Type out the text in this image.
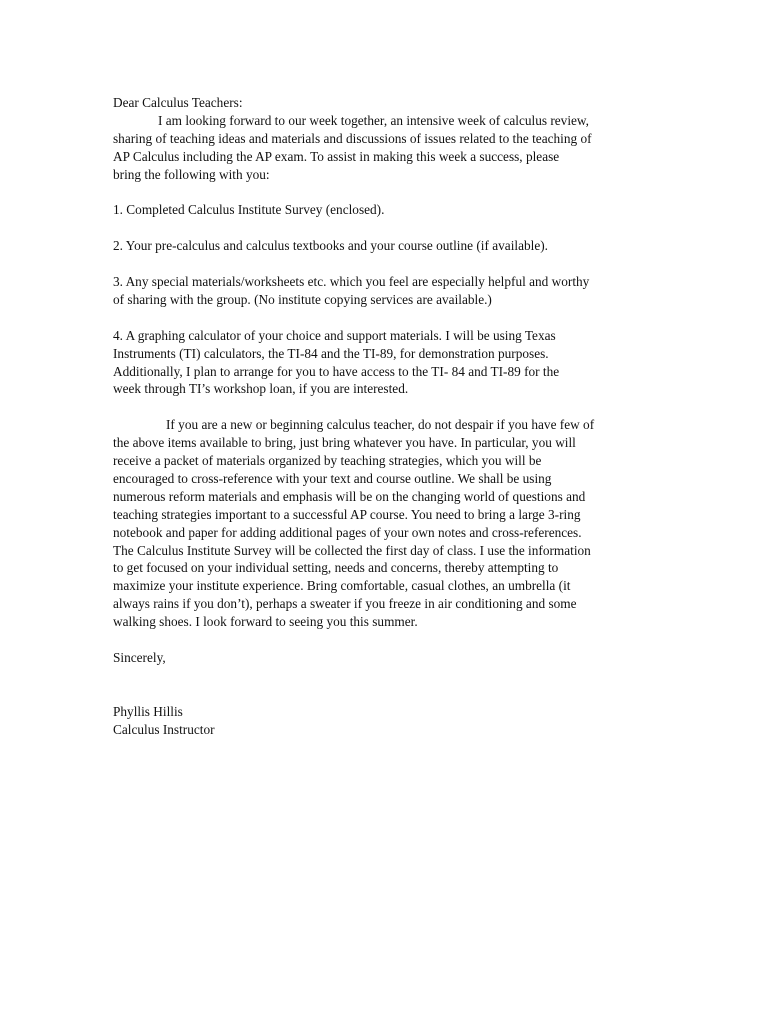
Dear Calculus Teachers:
I am looking forward to our week together, an intensive week of calculus review,
sharing of teaching ideas and materials and discussions of issues related to the teaching of
AP Calculus including the AP exam. To assist in making this week a success, please
bring the following with you:
1. Completed Calculus Institute Survey (enclosed).
2. Your pre-calculus and calculus textbooks and your course outline (if available).
3. Any special materials/worksheets etc. which you feel are especially helpful and worthy
of sharing with the group. (No institute copying services are available.)
4. A graphing calculator of your choice and support materials. I will be using Texas
Instruments (TI) calculators, the TI-84 and the TI-89, for demonstration purposes.
Additionally, I plan to arrange for you to have access to the TI- 84 and TI-89 for the
week through TI’s workshop loan, if you are interested.
If you are a new or beginning calculus teacher, do not despair if you have few of
the above items available to bring, just bring whatever you have. In particular, you will
receive a packet of materials organized by teaching strategies, which you will be
encouraged to cross-reference with your text and course outline. We shall be using
numerous reform materials and emphasis will be on the changing world of questions and
teaching strategies important to a successful AP course. You need to bring a large 3-ring
notebook and paper for adding additional pages of your own notes and cross-references.
The Calculus Institute Survey will be collected the first day of class. I use the information
to get focused on your individual setting, needs and concerns, thereby attempting to
maximize your institute experience. Bring comfortable, casual clothes, an umbrella (it
always rains if you don’t), perhaps a sweater if you freeze in air conditioning and some
walking shoes. I look forward to seeing you this summer.
Sincerely,
Phyllis Hillis
Calculus Instructor
